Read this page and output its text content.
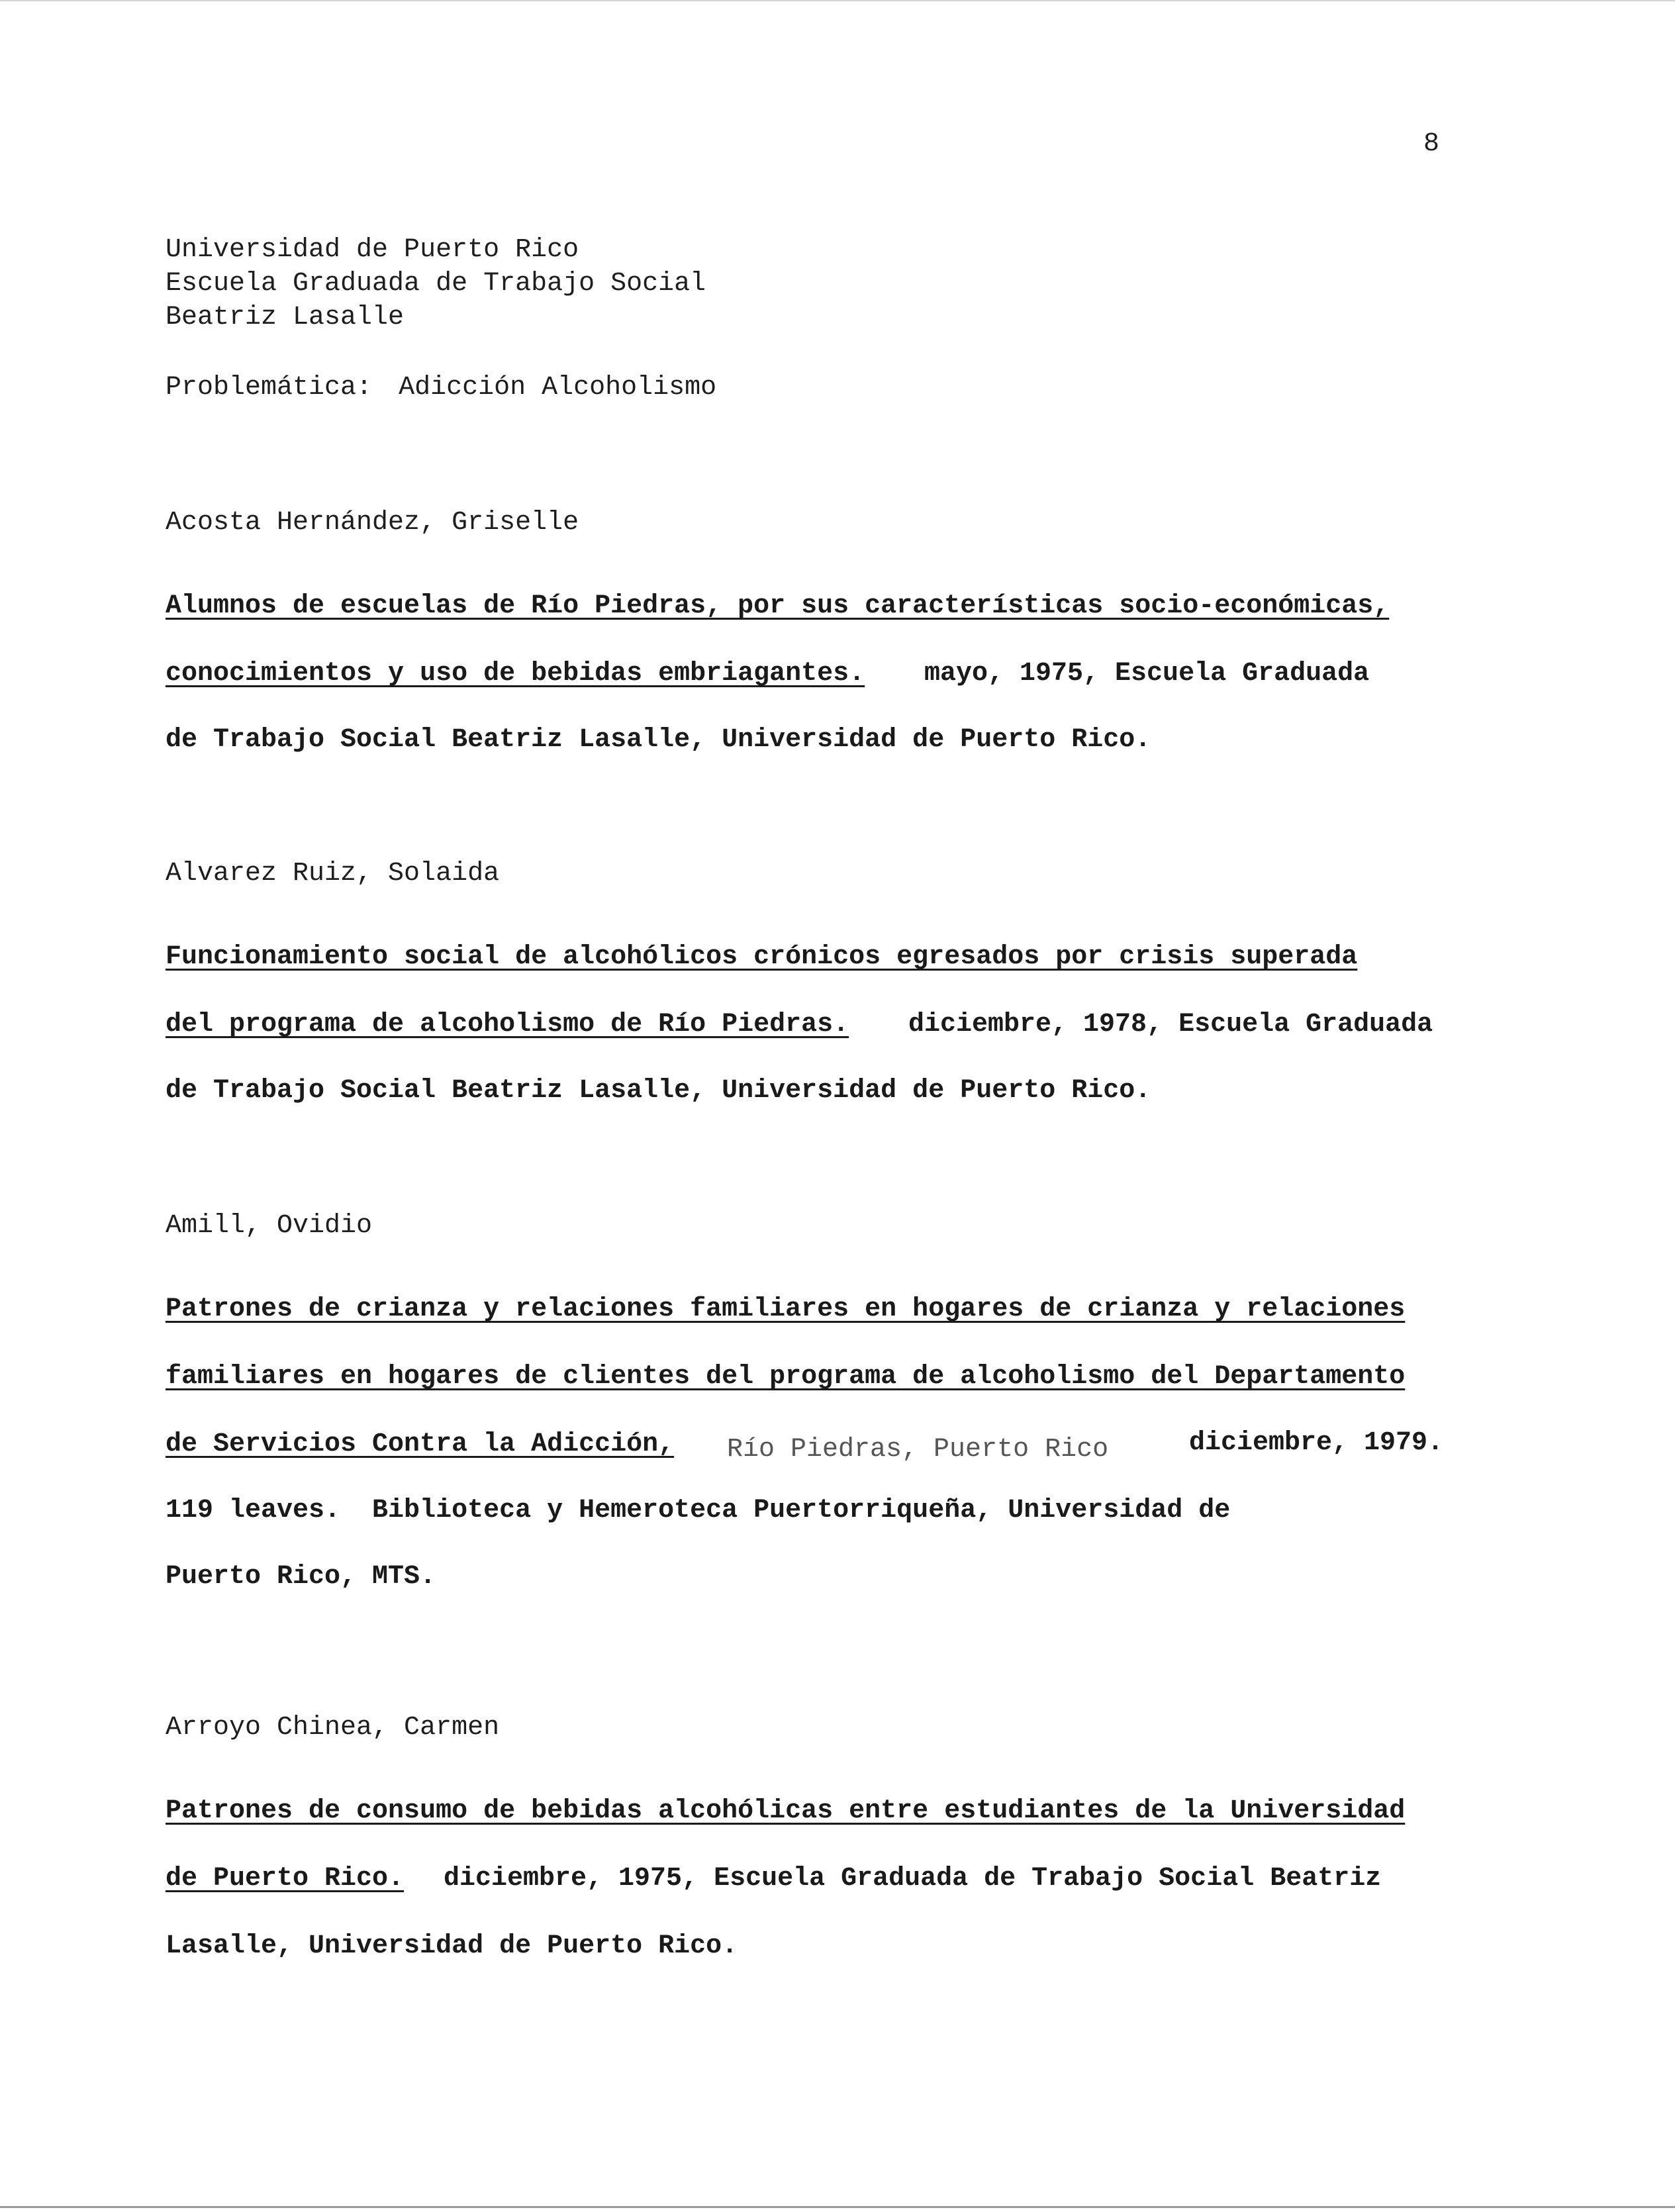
8
Universidad de Puerto Rico
Escuela Graduada de Trabajo Social
Beatriz Lasalle
Problemática: Adicción Alcoholismo
Acosta Hernández, Griselle
Alumnos de escuelas de Río Piedras, por sus características socio-económicas,
conocimientos y uso de bebidas embriagantes. mayo, 1975, Escuela Graduada
de Trabajo Social Beatriz Lasalle, Universidad de Puerto Rico.
Alvarez Ruiz, Solaida
Funcionamiento social de alcohólicos crónicos egresados por crisis superada
del programa de alcoholismo de Río Piedras. diciembre, 1978, Escuela Graduada
de Trabajo Social Beatriz Lasalle, Universidad de Puerto Rico.
Amill, Ovidio
Patrones de crianza y relaciones familiares en hogares de crianza y relaciones
familiares en hogares de clientes del programa de alcoholismo del Departamento
de Servicios Contra la Adicción, Río Piedras, Puerto Rico	diciembre, 1979.
119 leaves.  Biblioteca y Hemeroteca Puertorriqueña, Universidad de
Puerto Rico, MTS.
Arroyo Chinea, Carmen
Patrones de consumo de bebidas alcohólicas entre estudiantes de la Universidad
de Puerto Rico. diciembre, 1975, Escuela Graduada de Trabajo Social Beatriz
Lasalle, Universidad de Puerto Rico.
